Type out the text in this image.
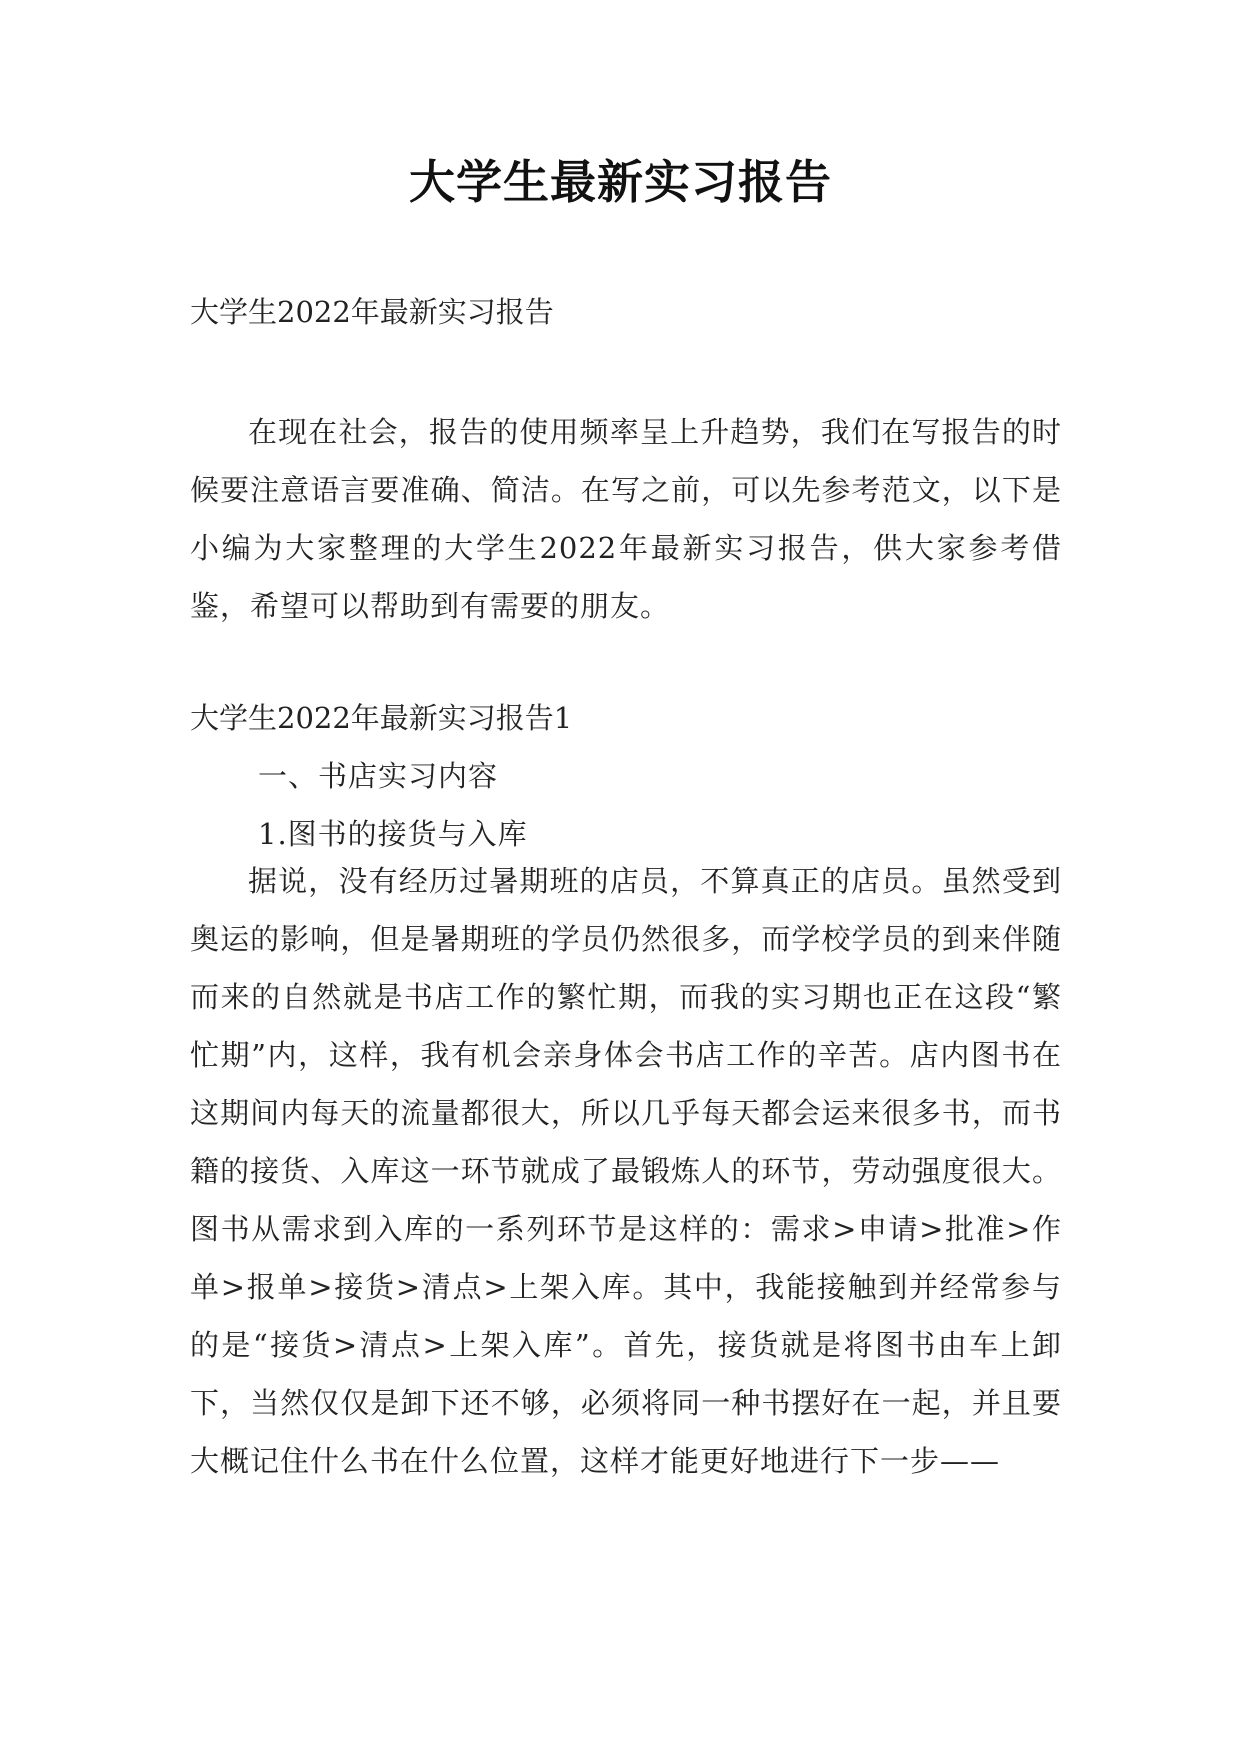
大学生最新实习报告

大学生2022年最新实习报告

在现在社会，报告的使用频率呈上升趋势，我们在写报告的时候要注意语言要准确、简洁。在写之前，可以先参考范文，以下是小编为大家整理的大学生2022年最新实习报告，供大家参考借鉴，希望可以帮助到有需要的朋友。

大学生2022年最新实习报告1

一、书店实习内容

1.图书的接货与入库

据说，没有经历过暑期班的店员，不算真正的店员。虽然受到奥运的影响，但是暑期班的学员仍然很多，而学校学员的到来伴随而来的自然就是书店工作的繁忙期，而我的实习期也正在这段“繁忙期”内，这样，我有机会亲身体会书店工作的辛苦。店内图书在这期间内每天的流量都很大，所以几乎每天都会运来很多书，而书籍的接货、入库这一环节就成了最锻炼人的环节，劳动强度很大。图书从需求到入库的一系列环节是这样的：需求>申请>批准>作单>报单>接货>清点>上架入库。其中，我能接触到并经常参与的是“接货>清点>上架入库”。首先，接货就是将图书由车上卸下，当然仅仅是卸下还不够，必须将同一种书摆好在一起，并且要大概记住什么书在什么位置，这样才能更好地进行下一步——
